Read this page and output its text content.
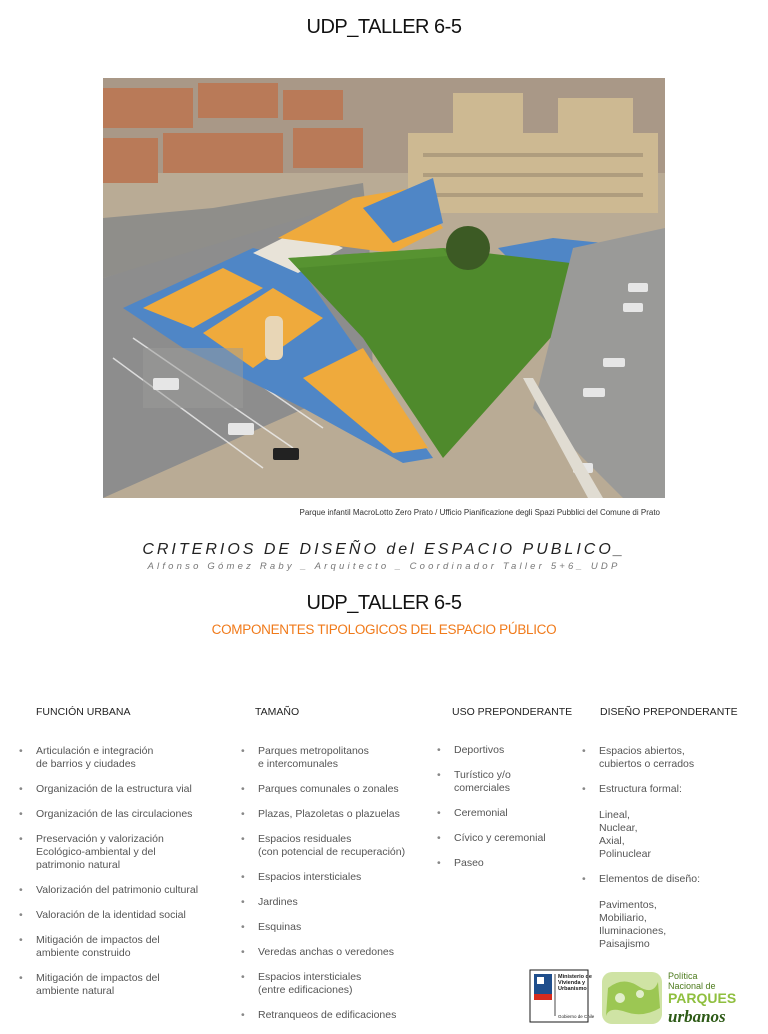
UDP_TALLER 6-5
Parque infantil MacroLotto Zero Prato / Ufficio Pianificazione degli Spazi Pubblici del Comune di Prato
CRITERIOS DE DISEÑO del ESPACIO PUBLICO_
Alfonso Gómez Raby _ Arquitecto _ Coordinador Taller 5+6_ UDP
UDP_TALLER 6-5
COMPONENTES TIPOLOGICOS DEL ESPACIO PÚBLICO
FUNCIÓN URBANA	TAMAÑO	USO PREPONDERANTE	DISEÑO PREPONDERANTE
• Articulación e integración
de barrios y ciudades
• Organización de la estructura vial
• Organización de las circulaciones
• Preservación y valorización
Ecológico-ambiental y del
patrimonio natural
• Valorización del patrimonio cultural
• Valoración de la identidad social
• Mitigación de impactos del
ambiente construido
• Mitigación de impactos del
ambiente natural
• Parques metropolitanos
e intercomunales
• Parques comunales o zonales
• Plazas, Plazoletas o plazuelas
• Espacios residuales
(con potencial de recuperación)
• Espacios intersticiales
• Jardines
• Esquinas
• Veredas anchas o veredones
• Espacios intersticiales
(entre edificaciones)
• Retranqueos de edificaciones
• Deportivos
• Turístico y/o
comerciales
• Ceremonial
• Cívico y ceremonial
• Paseo
• Espacios abiertos,
cubiertos o cerrados
• Estructura formal:
Lineal,
Nuclear,
Axial,
Polinuclear
• Elementos de diseño:
Pavimentos,
Mobiliario,
Iluminaciones,
Paisajismo
Ministerio de
Vivienda y
Urbanismo
Gobierno de Chile
Política
Nacional de
PARQUES
urbanos
